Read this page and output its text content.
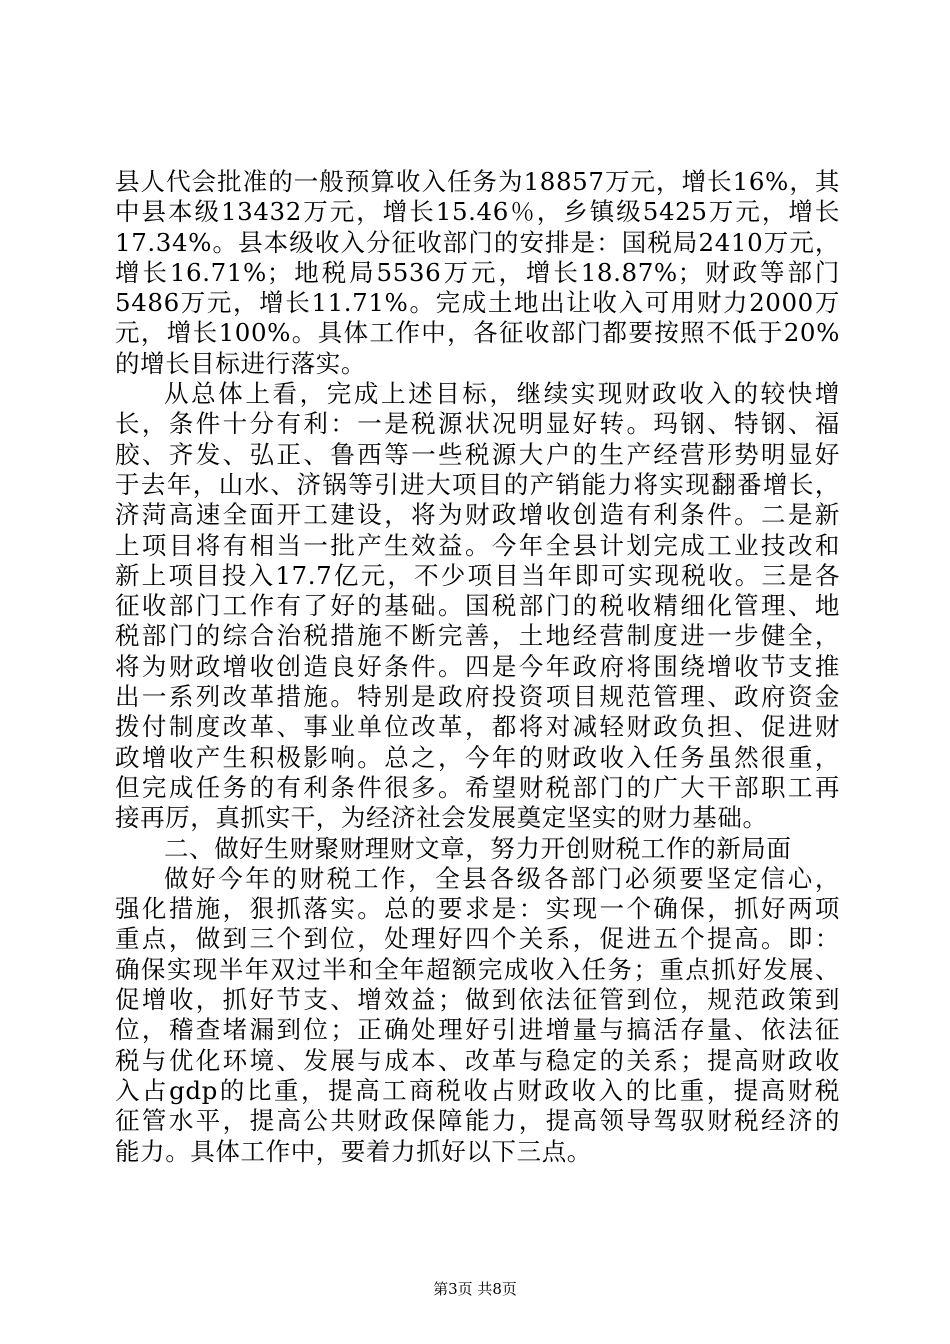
县人代会批准的一般预算收入任务为18857万元，增长16%，其
中县本级13432万元，增长15.46％，乡镇级5425万元，增长
17.34%。县本级收入分征收部门的安排是：国税局2410万元，
增长16.71%；地税局5536万元，增长18.87%；财政等部门
5486万元，增长11.71%。完成土地出让收入可用财力2000万
元，增长100%。具体工作中，各征收部门都要按照不低于20%
的增长目标进行落实。
从总体上看，完成上述目标，继续实现财政收入的较快增
长，条件十分有利：一是税源状况明显好转。玛钢、特钢、福
胶、齐发、弘正、鲁西等一些税源大户的生产经营形势明显好
于去年，山水、济锅等引进大项目的产销能力将实现翻番增长，
济菏高速全面开工建设，将为财政增收创造有利条件。二是新
上项目将有相当一批产生效益。今年全县计划完成工业技改和
新上项目投入17.7亿元，不少项目当年即可实现税收。三是各
征收部门工作有了好的基础。国税部门的税收精细化管理、地
税部门的综合治税措施不断完善，土地经营制度进一步健全，
将为财政增收创造良好条件。四是今年政府将围绕增收节支推
出一系列改革措施。特别是政府投资项目规范管理、政府资金
拨付制度改革、事业单位改革，都将对减轻财政负担、促进财
政增收产生积极影响。总之，今年的财政收入任务虽然很重，
但完成任务的有利条件很多。希望财税部门的广大干部职工再
接再厉，真抓实干，为经济社会发展奠定坚实的财力基础。
二、做好生财聚财理财文章，努力开创财税工作的新局面
做好今年的财税工作，全县各级各部门必须要坚定信心，
强化措施，狠抓落实。总的要求是：实现一个确保，抓好两项
重点，做到三个到位，处理好四个关系，促进五个提高。即：
确保实现半年双过半和全年超额完成收入任务；重点抓好发展、
促增收，抓好节支、增效益；做到依法征管到位，规范政策到
位，稽查堵漏到位；正确处理好引进增量与搞活存量、依法征
税与优化环境、发展与成本、改革与稳定的关系；提高财政收
入占gdp的比重，提高工商税收占财政收入的比重，提高财税
征管水平，提高公共财政保障能力，提高领导驾驭财税经济的
能力。具体工作中，要着力抓好以下三点。
第3页 共8页
